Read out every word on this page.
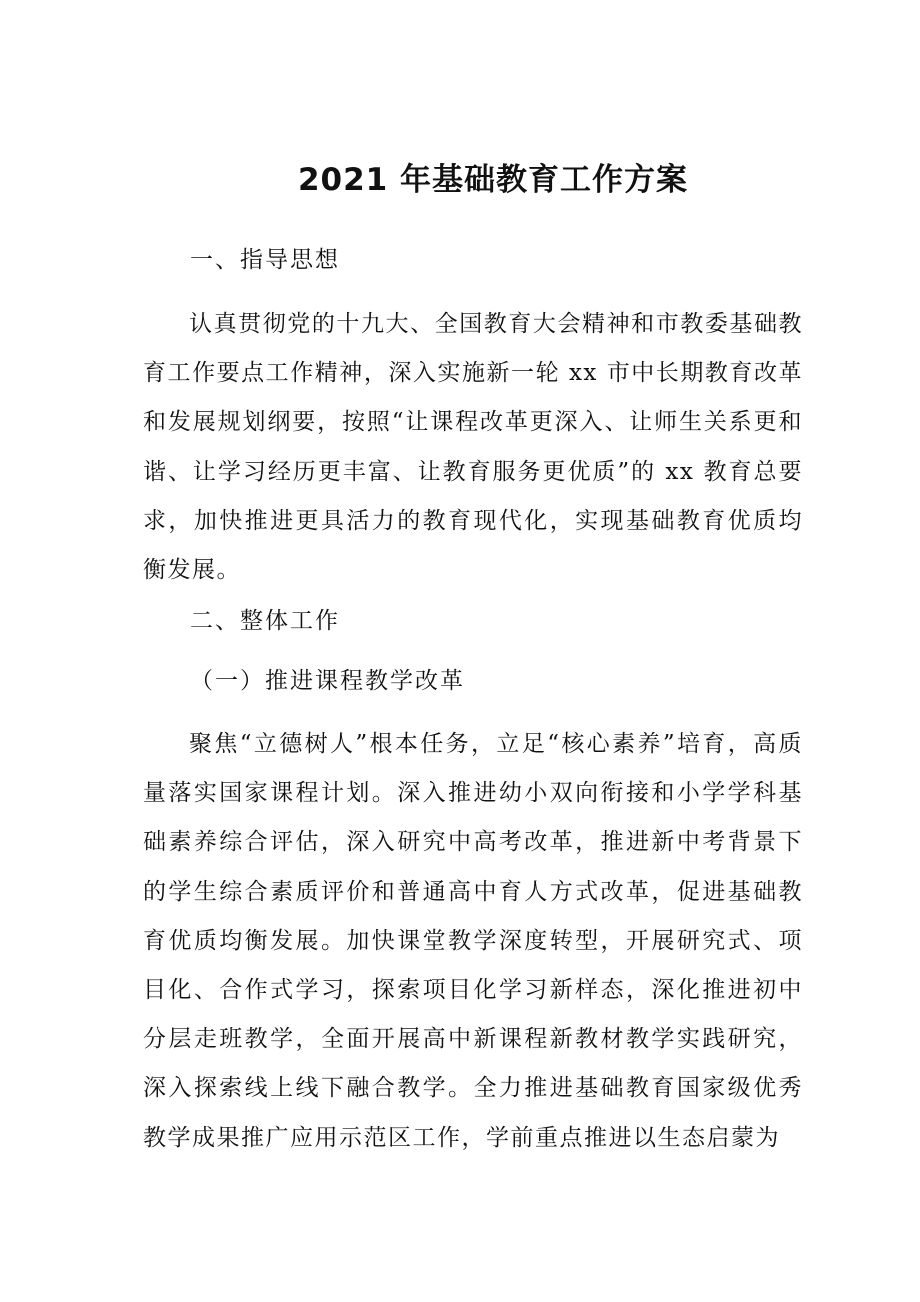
2021 年基础教育工作方案

一、指导思想

认真贯彻党的十九大、全国教育大会精神和市教委基础教育工作要点工作精神，深入实施新一轮 xx 市中长期教育改革和发展规划纲要，按照“让课程改革更深入、让师生关系更和谐、让学习经历更丰富、让教育服务更优质”的 xx 教育总要求，加快推进更具活力的教育现代化，实现基础教育优质均衡发展。

二、整体工作

（一）推进课程教学改革

聚焦“立德树人”根本任务，立足“核心素养”培育，高质量落实国家课程计划。深入推进幼小双向衔接和小学学科基础素养综合评估，深入研究中高考改革，推进新中考背景下的学生综合素质评价和普通高中育人方式改革，促进基础教育优质均衡发展。加快课堂教学深度转型，开展研究式、项目化、合作式学习，探索项目化学习新样态，深化推进初中分层走班教学，全面开展高中新课程新教材教学实践研究，深入探索线上线下融合教学。全力推进基础教育国家级优秀教学成果推广应用示范区工作，学前重点推进以生态启蒙为
